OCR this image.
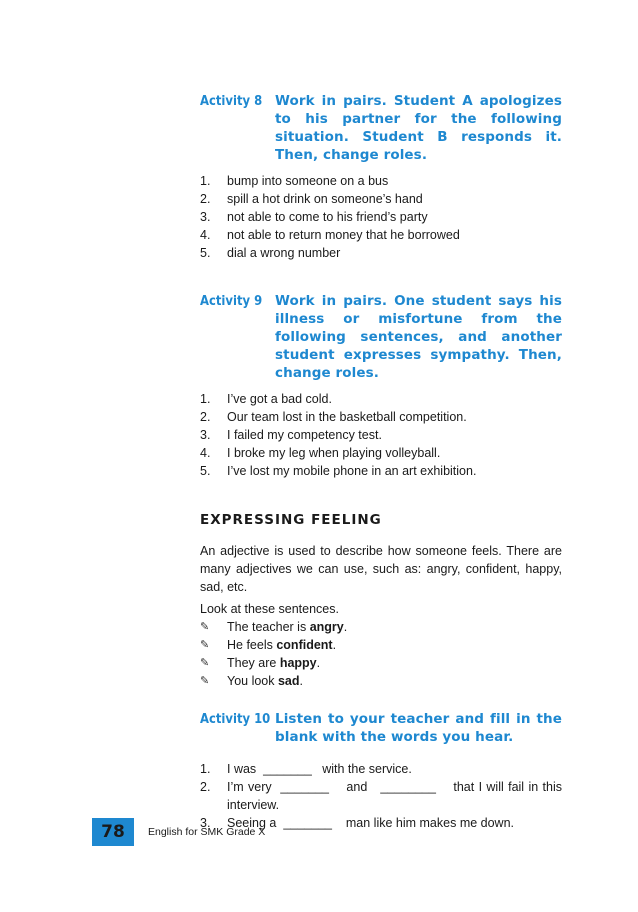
Activity 8 Work in pairs. Student A apologizes to his partner for the following situation. Student B responds it. Then, change roles.
1.	bump into someone on a bus
2.	spill a hot drink on someone’s hand
3.	not able to come to his friend’s party
4.	not able to return money that he borrowed
5.	dial a wrong number
Activity 9 Work in pairs. One student says his illness or misfortune from the following sentences, and another student expresses sympathy. Then, change roles.
1.	I’ve got a bad cold.
2.	Our team lost in the basketball competition.
3.	I failed my competency test.
4.	I broke my leg when playing volleyball.
5.	I’ve lost my mobile phone in an art exhibition.
EXPRESSING FEELING

An adjective is used to describe how someone feels. There are many adjectives we can use, such as: angry, confident, happy, sad, etc.

Look at these sentences.

✎	The teacher is angry.
✎	He feels confident.
✎	They are happy.
✎	You look sad.
Activity 10 Listen to your teacher and fill in the blank with the words you hear.
1.	I was _______ with the service.
2.	I’m very _______ and ________ that I will fail in this interview.
3.	Seeing a _______ man like him makes me down.
78	English for SMK Grade X
